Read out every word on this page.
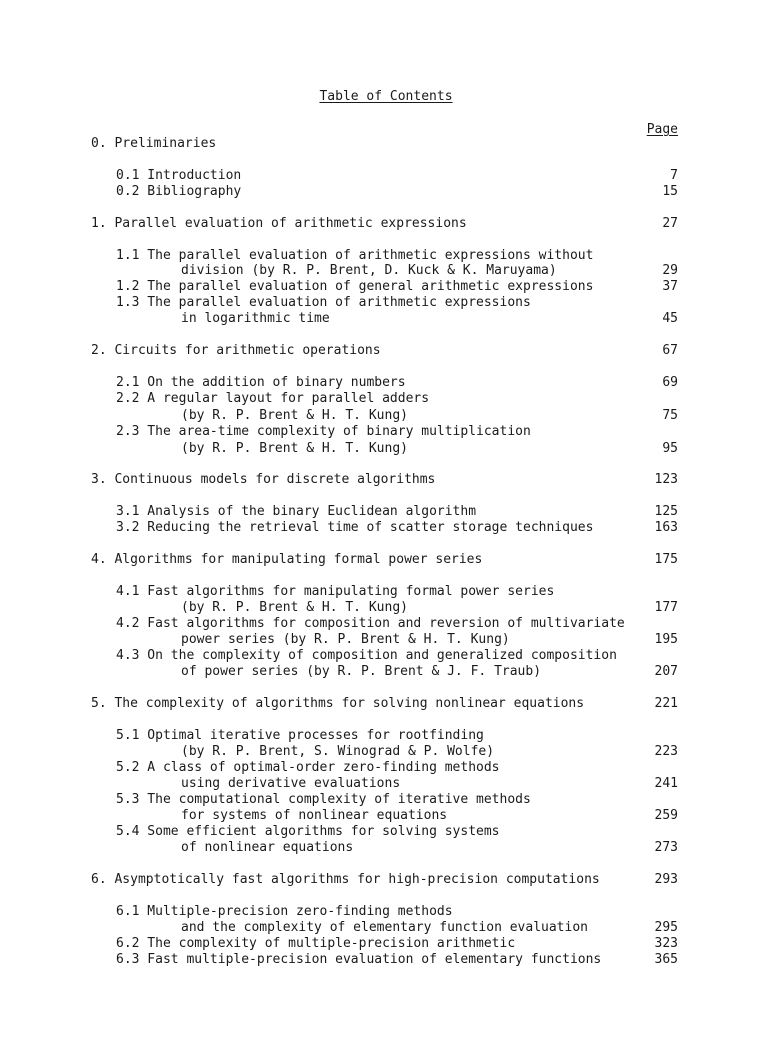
Table of Contents
Page
0. Preliminaries
0.1 Introduction	7
0.2 Bibliography	15
1. Parallel evaluation of arithmetic expressions	27
1.1 The parallel evaluation of arithmetic expressions without
division (by R. P. Brent, D. Kuck & K. Maruyama)	29
1.2 The parallel evaluation of general arithmetic expressions	37
1.3 The parallel evaluation of arithmetic expressions
in logarithmic time	45
2. Circuits for arithmetic operations	67
2.1 On the addition of binary numbers	69
2.2 A regular layout for parallel adders
(by R. P. Brent & H. T. Kung)	75
2.3 The area-time complexity of binary multiplication
(by R. P. Brent & H. T. Kung)	95
3. Continuous models for discrete algorithms	123
3.1 Analysis of the binary Euclidean algorithm	125
3.2 Reducing the retrieval time of scatter storage techniques	163
4. Algorithms for manipulating formal power series	175
4.1 Fast algorithms for manipulating formal power series
(by R. P. Brent & H. T. Kung)	177
4.2 Fast algorithms for composition and reversion of multivariate
power series (by R. P. Brent & H. T. Kung)	195
4.3 On the complexity of composition and generalized composition
of power series (by R. P. Brent & J. F. Traub)	207
5. The complexity of algorithms for solving nonlinear equations	221
5.1 Optimal iterative processes for rootfinding
(by R. P. Brent, S. Winograd & P. Wolfe)	223
5.2 A class of optimal-order zero-finding methods
using derivative evaluations	241
5.3 The computational complexity of iterative methods
for systems of nonlinear equations	259
5.4 Some efficient algorithms for solving systems
of nonlinear equations	273
6. Asymptotically fast algorithms for high-precision computations	293
6.1 Multiple-precision zero-finding methods
and the complexity of elementary function evaluation	295
6.2 The complexity of multiple-precision arithmetic	323
6.3 Fast multiple-precision evaluation of elementary functions	365
